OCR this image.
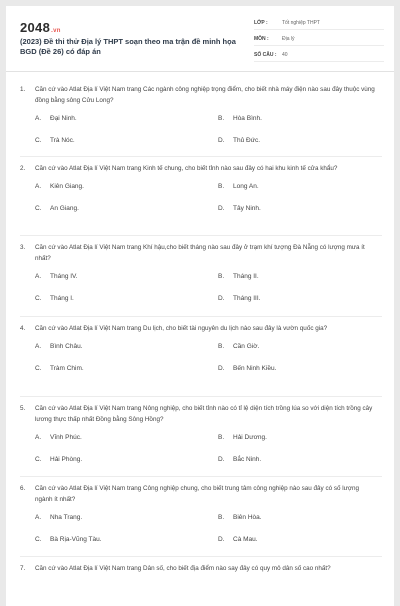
2048.vn
(2023) Đề thi thử Địa lý THPT soạn theo ma trận đề minh họa BGD (Đề 26) có đáp án
LỚP :	Tốt nghiệp THPT
MÔN :	Địa lý
SỐ CÂU :	40
1.	Căn cứ vào Atlat Địa lí Việt Nam trang Các ngành công nghiệp trọng điểm, cho biết nhà máy điện nào sau đây thuộc vùng đồng bằng sông Cửu Long?
A.	Đại Ninh.	B.	Hòa Bình.
C.	Trà Nóc.	D.	Thủ Đức.
2.	Căn cứ vào Atlat Địa lí Việt Nam trang Kinh tế chung, cho biết tỉnh nào sau đây có hai khu kinh tế cửa khẩu?
A.	Kiên Giang.	B.	Long An.
C.	An Giang.	D.	Tây Ninh.
3.	Căn cứ vào Atlat Địa lí Việt Nam trang Khí hậu,cho biết tháng nào sau đây ở trạm khí tượng Đà Nẵng có lượng mưa ít nhất?
A.	Tháng IV.	B.	Tháng II.
C.	Tháng I.	D.	Tháng III.
4.	Căn cứ vào Atlat Địa lí Việt Nam trang Du lịch, cho biết tài nguyên du lịch nào sau đây là vườn quốc gia?
A.	Bình Châu.	B.	Cần Giờ.
C.	Tràm Chim.	D.	Bến Ninh Kiều.
5.	Căn cứ vào Atlat Địa lí Việt Nam trang Nông nghiệp, cho biết tỉnh nào có tỉ lệ diện tích trồng lúa so với diện tích trồng cây lương thực thấp nhất Đồng bằng Sông Hồng?
A.	Vĩnh Phúc.	B.	Hải Dương.
C.	Hải Phòng.	D.	Bắc Ninh.
6.	Căn cứ vào Atlat Địa lí Việt Nam trang Công nghiệp chung, cho biết trung tâm công nghiệp nào sau đây có số lượng ngành ít nhất?
A.	Nha Trang.	B.	Biên Hòa.
C.	Bà Rịa-Vũng Tàu.	D.	Cà Mau.
7.	Căn cứ vào Atlat Địa lí Việt Nam trang Dân số, cho biết địa điểm nào say đây có quy mô dân số cao nhất?
